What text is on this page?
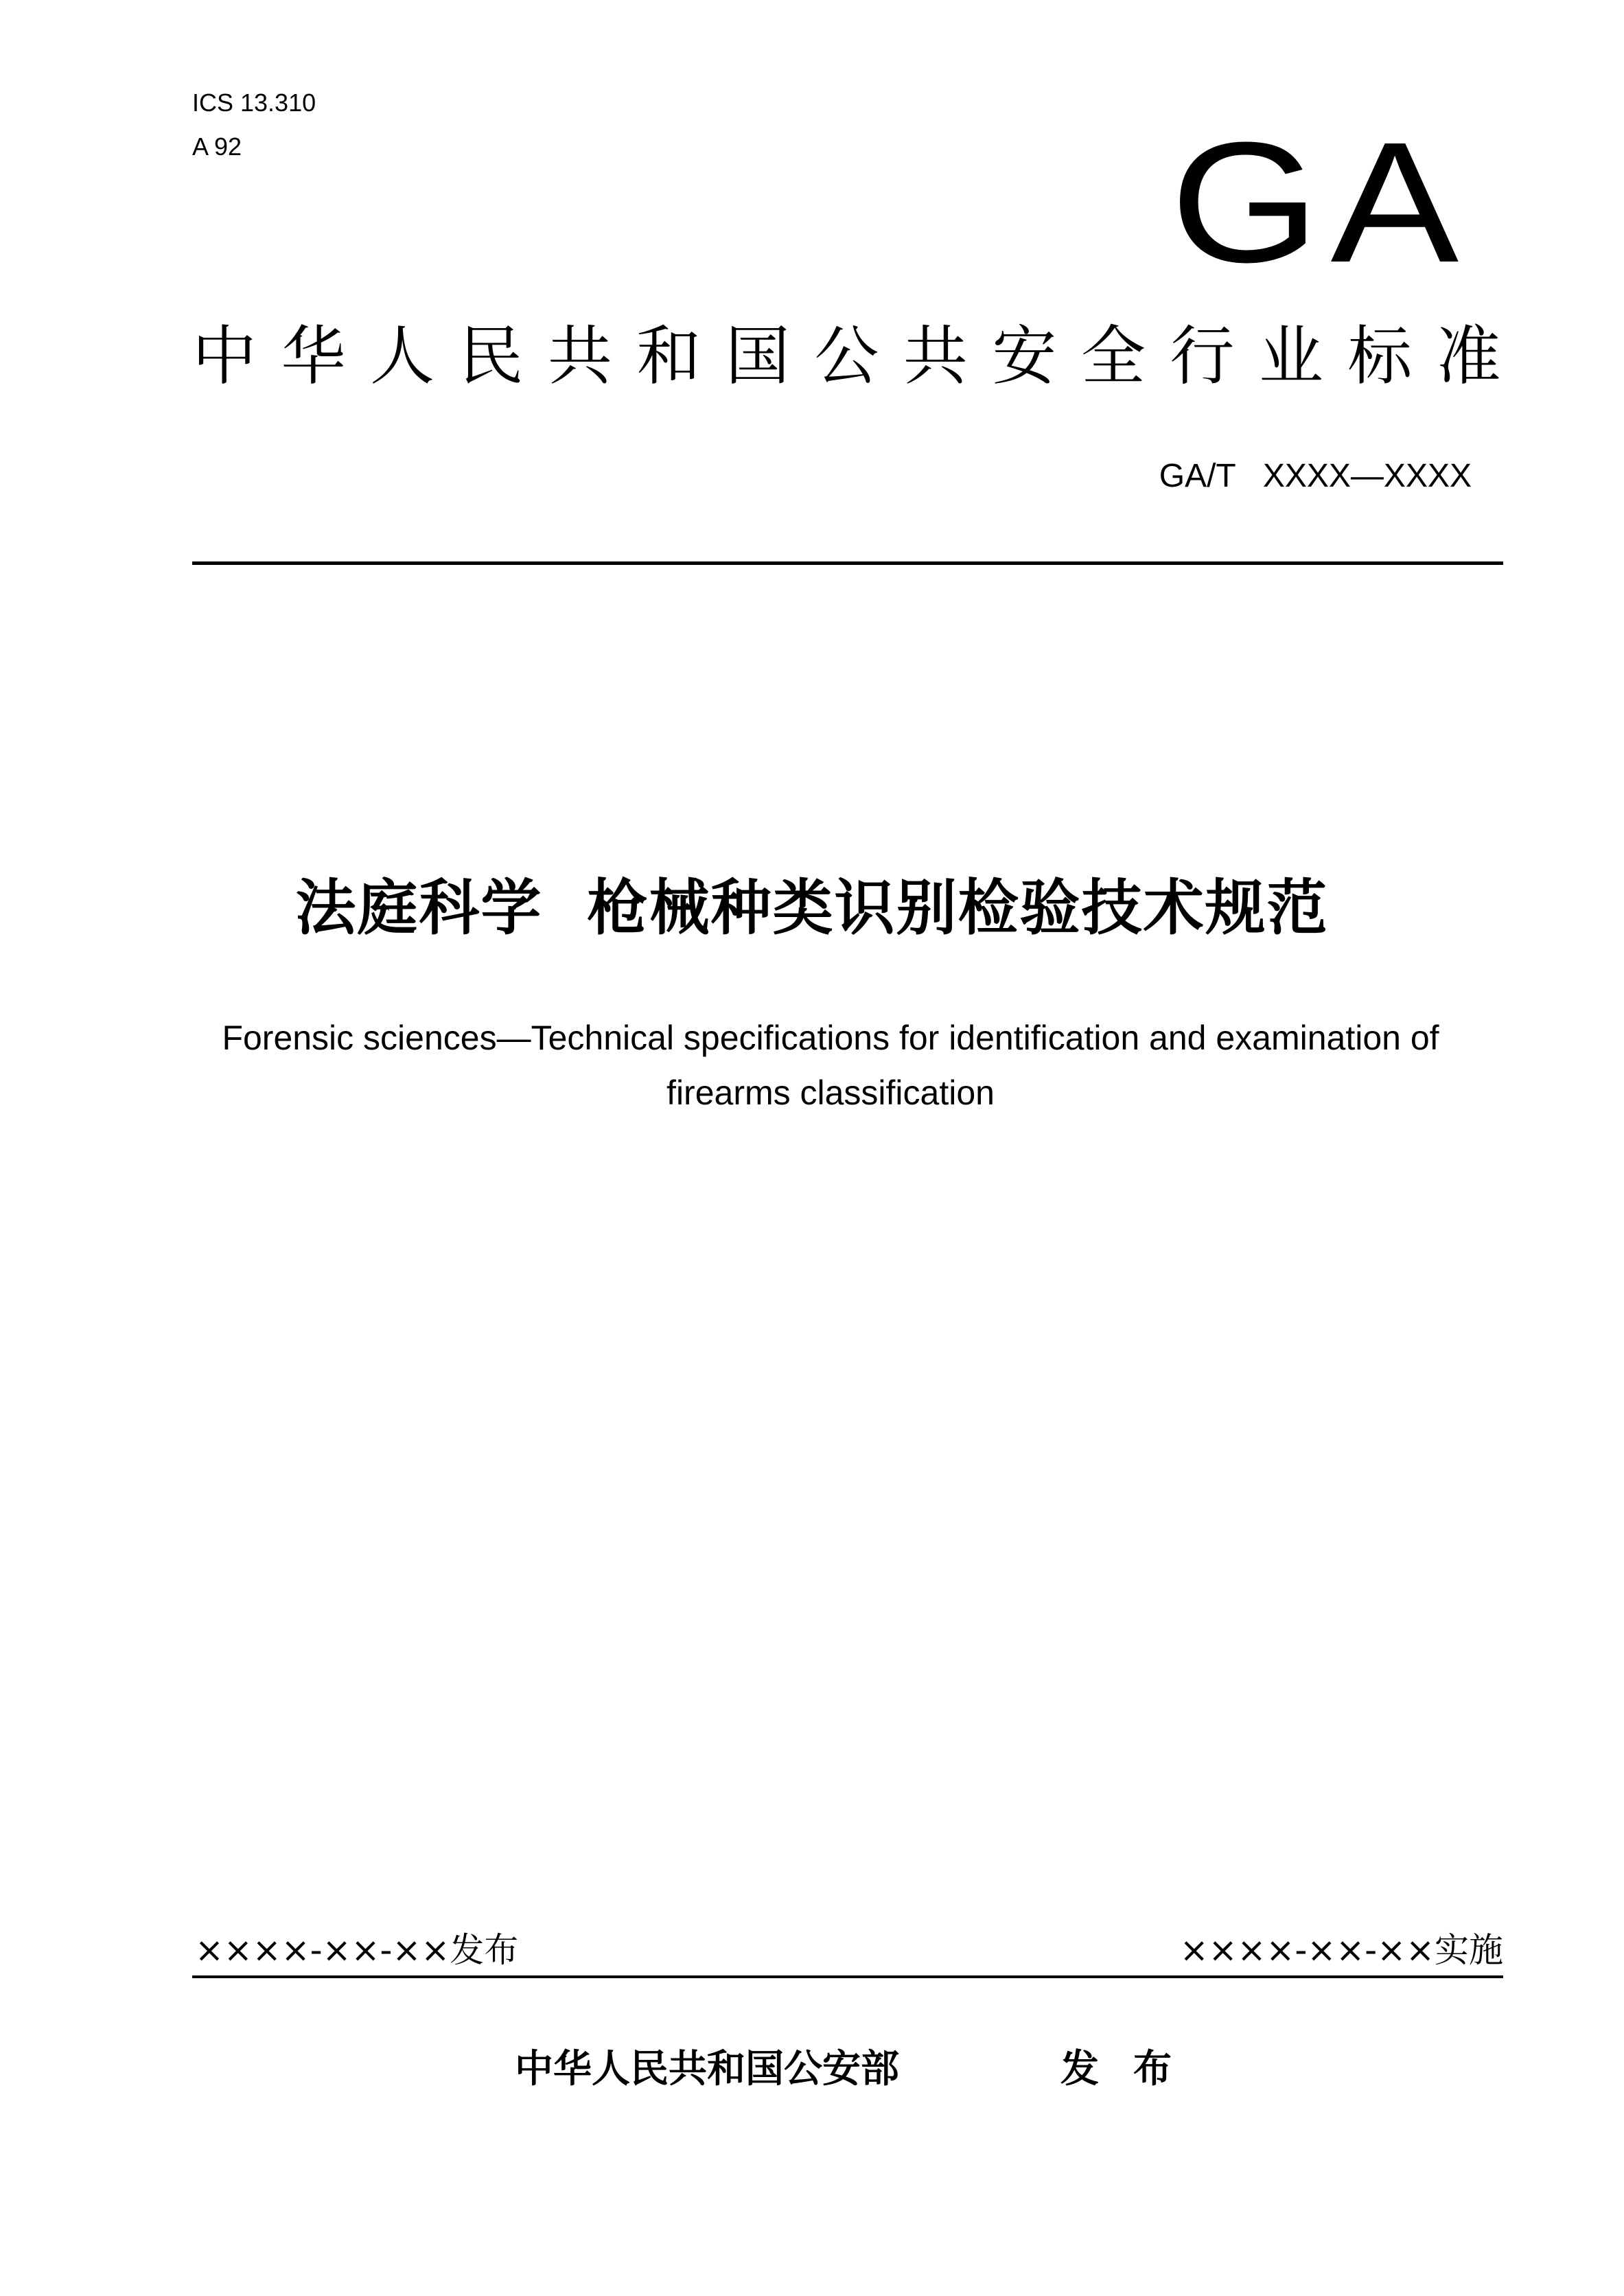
ICS 13.310
A 92	GA
中 华 人 民 共 和 国 公 共 安 全 行 业 标 准
GA/T   XXXX—XXXX
法庭科学  枪械种类识别检验技术规范
Forensic sciences—Technical specifications for identification and examination of firearms classification
××××-××-××发布	××××-××-××实施
中华人民共和国公安部	发布
